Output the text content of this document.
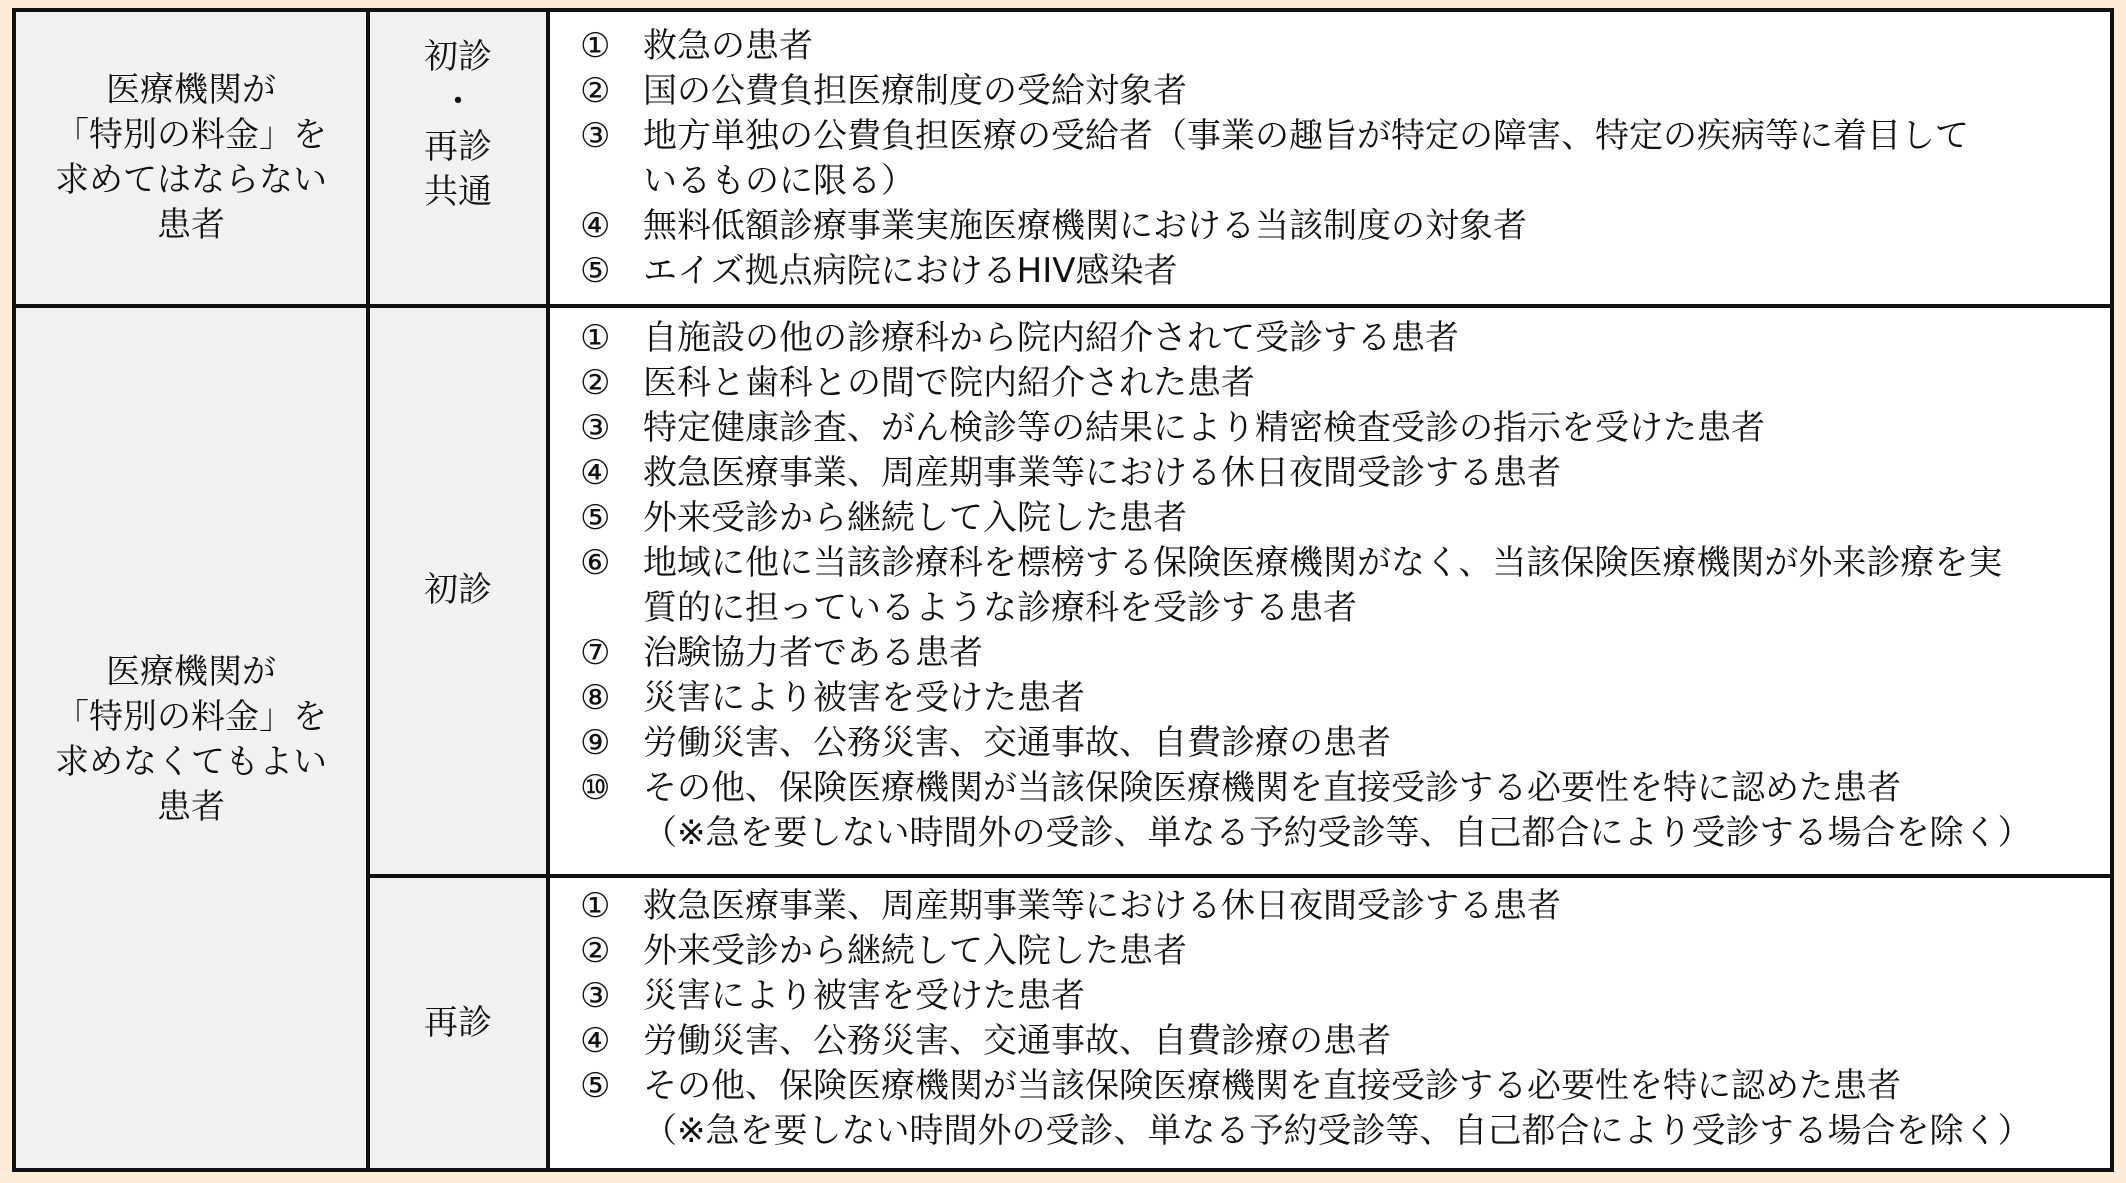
医療機関が
「特別の料金」を
求めてはならない
患者
初診
・
再診
共通
① 救急の患者
② 国の公費負担医療制度の受給対象者
③ 地方単独の公費負担医療の受給者（事業の趣旨が特定の障害、特定の疾病等に着目して
いるものに限る）
④ 無料低額診療事業実施医療機関における当該制度の対象者
⑤ エイズ拠点病院におけるHIV感染者
医療機関が
「特別の料金」を
求めなくてもよい
患者
初診
① 自施設の他の診療科から院内紹介されて受診する患者
② 医科と歯科との間で院内紹介された患者
③ 特定健康診査、がん検診等の結果により精密検査受診の指示を受けた患者
④ 救急医療事業、周産期事業等における休日夜間受診する患者
⑤ 外来受診から継続して入院した患者
⑥ 地域に他に当該診療科を標榜する保険医療機関がなく、当該保険医療機関が外来診療を実
質的に担っているような診療科を受診する患者
⑦ 治験協力者である患者
⑧ 災害により被害を受けた患者
⑨ 労働災害、公務災害、交通事故、自費診療の患者
⑩ その他、保険医療機関が当該保険医療機関を直接受診する必要性を特に認めた患者
（※急を要しない時間外の受診、単なる予約受診等、自己都合により受診する場合を除く）
再診
① 救急医療事業、周産期事業等における休日夜間受診する患者
② 外来受診から継続して入院した患者
③ 災害により被害を受けた患者
④ 労働災害、公務災害、交通事故、自費診療の患者
⑤ その他、保険医療機関が当該保険医療機関を直接受診する必要性を特に認めた患者
（※急を要しない時間外の受診、単なる予約受診等、自己都合により受診する場合を除く）
